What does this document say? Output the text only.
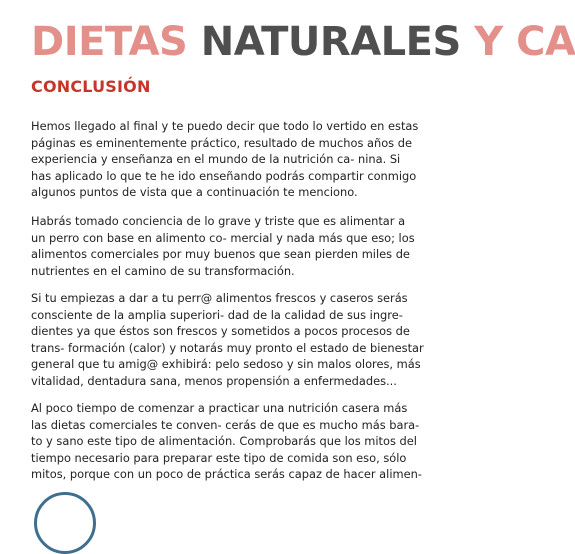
DIETAS NATURALES Y CA
CONCLUSIÓN
Hemos llegado al final y te puedo decir que todo lo vertido en estas
páginas es eminentemente práctico, resultado de muchos años de
experiencia y enseñanza en el mundo de la nutrición ca- nina. Si
has aplicado lo que te he ido enseñando podrás compartir conmigo
algunos puntos de vista que a continuación te menciono.
Habrás tomado conciencia de lo grave y triste que es alimentar a
un perro con base en alimento co- mercial y nada más que eso; los
alimentos comerciales por muy buenos que sean pierden miles de
nutrientes en el camino de su transformación.
Si tu empiezas a dar a tu perr@ alimentos frescos y caseros serás
consciente de la amplia superiori- dad de la calidad de sus ingre-
dientes ya que éstos son frescos y sometidos a pocos procesos de
trans- formación (calor) y notarás muy pronto el estado de bienestar
general que tu amig@ exhibirá: pelo sedoso y sin malos olores, más
vitalidad, dentadura sana, menos propensión a enfermedades...
Al poco tiempo de comenzar a practicar una nutrición casera más
las dietas comerciales te conven- cerás de que es mucho más bara-
to y sano este tipo de alimentación. Comprobarás que los mitos del
tiempo necesario para preparar este tipo de comida son eso, sólo
mitos, porque con un poco de práctica serás capaz de hacer alimen-
